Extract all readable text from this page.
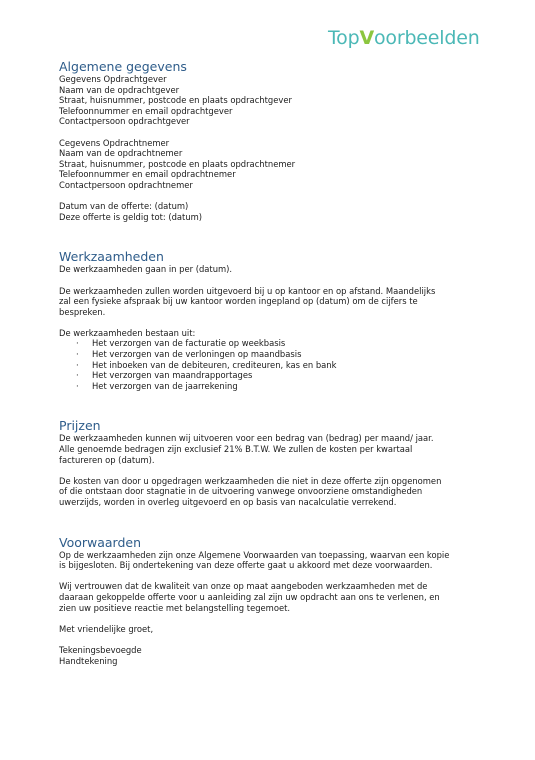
TopVoorbeelden
Algemene gegevens

Gegevens Opdrachtgever
Naam van de opdrachtgever
Straat, huisnummer, postcode en plaats opdrachtgever
Telefoonnummer en email opdrachtgever
Contactpersoon opdrachtgever

Cegevens Opdrachtnemer
Naam van de opdrachtnemer
Straat, huisnummer, postcode en plaats opdrachtnemer
Telefoonnummer en email opdrachtnemer
Contactpersoon opdrachtnemer

Datum van de offerte: (datum)
Deze offerte is geldig tot: (datum)

Werkzaamheden

De werkzaamheden gaan in per (datum).

De werkzaamheden zullen worden uitgevoerd bij u op kantoor en op afstand. Maandelijks
zal een fysieke afspraak bij uw kantoor worden ingepland op (datum) om de cijfers te
bespreken.

De werkzaamheden bestaan uit:

· Het verzorgen van de facturatie op weekbasis
· Het verzorgen van de verloningen op maandbasis
· Het inboeken van de debiteuren, crediteuren, kas en bank
· Het verzorgen van maandrapportages
· Het verzorgen van de jaarrekening
Prijzen

De werkzaamheden kunnen wij uitvoeren voor een bedrag van (bedrag) per maand/ jaar.
Alle genoemde bedragen zijn exclusief 21% B.T.W. We zullen de kosten per kwartaal
factureren op (datum).

De kosten van door u opgedragen werkzaamheden die niet in deze offerte zijn opgenomen
of die ontstaan door stagnatie in de uitvoering vanwege onvoorziene omstandigheden
uwerzijds, worden in overleg uitgevoerd en op basis van nacalculatie verrekend.

Voorwaarden

Op de werkzaamheden zijn onze Algemene Voorwaarden van toepassing, waarvan een kopie
is bijgesloten. Bij ondertekening van deze offerte gaat u akkoord met deze voorwaarden.

Wij vertrouwen dat de kwaliteit van onze op maat aangeboden werkzaamheden met de
daaraan gekoppelde offerte voor u aanleiding zal zijn uw opdracht aan ons te verlenen, en
zien uw positieve reactie met belangstelling tegemoet.

Met vriendelijke groet,

Tekeningsbevoegde
Handtekening
